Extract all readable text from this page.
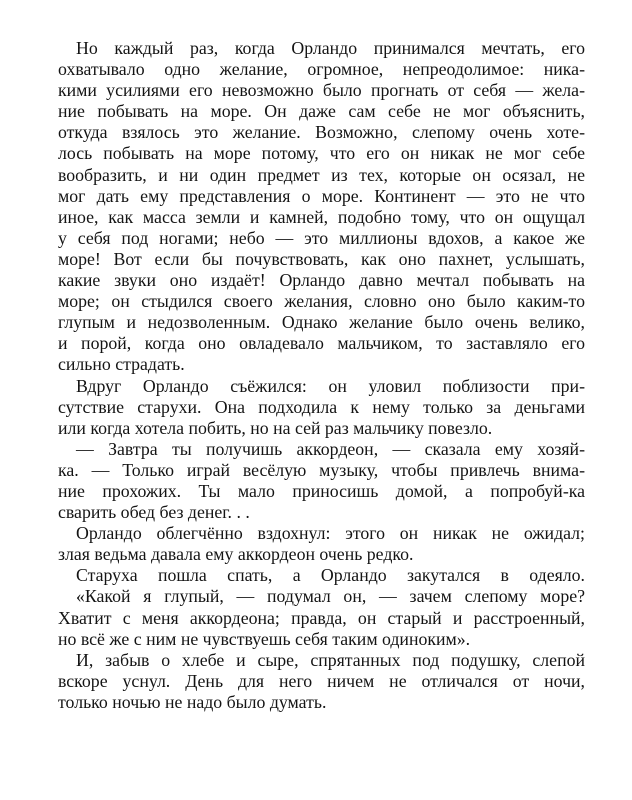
Но каждый раз, когда Орландо принимался мечтать, его
охватывало одно желание, огромное, непреодолимое: ника-
кими усилиями его невозможно было прогнать от себя — жела-
ние побывать на море. Он даже сам себе не мог объяснить,
откуда взялось это желание. Возможно, слепому очень хоте-
лось побывать на море потому, что его он никак не мог себе
вообразить, и ни один предмет из тех, которые он осязал, не
мог дать ему представления о море. Континент — это не что
иное, как масса земли и камней, подобно тому, что он ощущал
у себя под ногами; небо — это миллионы вдохов, а какое же
море! Вот если бы почувствовать, как оно пахнет, услышать,
какие звуки оно издаёт! Орландо давно мечтал побывать на
море; он стыдился своего желания, словно оно было каким-то
глупым и недозволенным. Однако желание было очень велико,
и порой, когда оно овладевало мальчиком, то заставляло его
сильно страдать.
Вдруг Орландо съёжился: он уловил поблизости при-
сутствие старухи. Она подходила к нему только за деньгами
или когда хотела побить, но на сей раз мальчику повезло.
— Завтра ты получишь аккордеон, — сказала ему хозяй-
ка. — Только играй весёлую музыку, чтобы привлечь внима-
ние прохожих. Ты мало приносишь домой, а попробуй-ка
сварить обед без денег. . .
Орландо облегчённо вздохнул: этого он никак не ожидал;
злая ведьма давала ему аккордеон очень редко.
Старуха пошла спать, а Орландо закутался в одеяло.
«Какой я глупый, — подумал он, — зачем слепому море?
Хватит с меня аккордеона; правда, он старый и расстроенный,
но всё же с ним не чувствуешь себя таким одиноким».
И, забыв о хлебе и сыре, спрятанных под подушку, слепой
вскоре уснул. День для него ничем не отличался от ночи,
только ночью не надо было думать.
